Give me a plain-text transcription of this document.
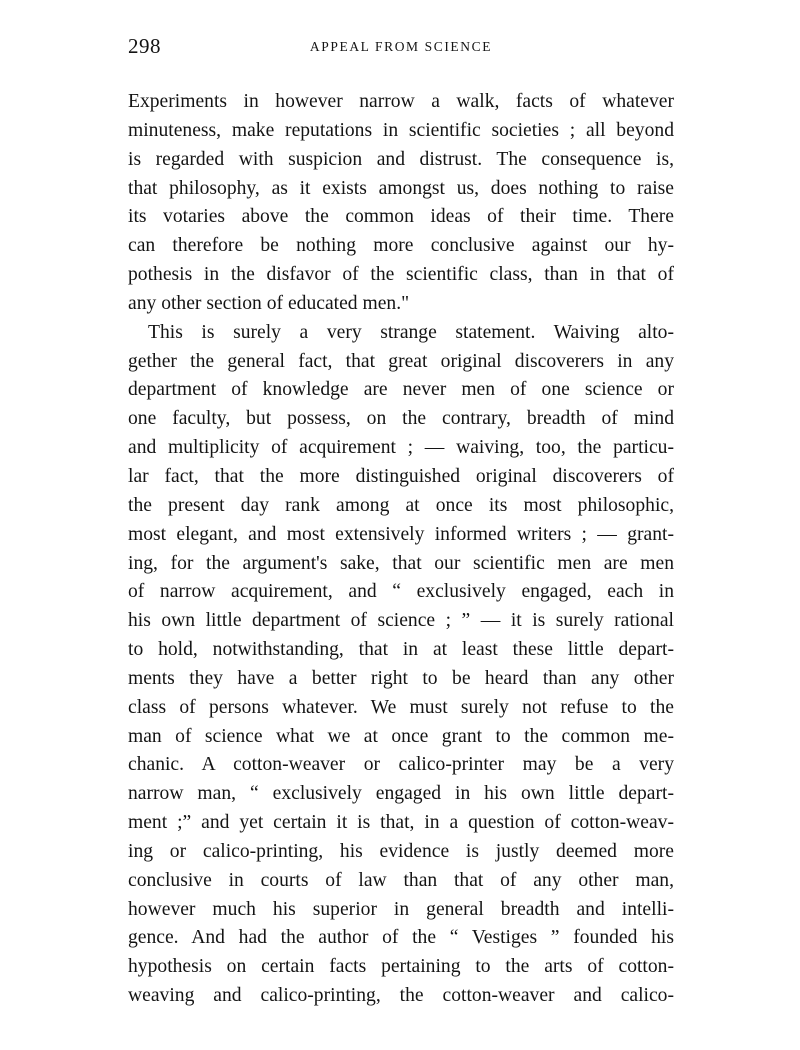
298	APPEAL FROM SCIENCE
Experiments in however narrow a walk, facts of whatever
minuteness, make reputations in scientific societies ; all beyond
is regarded with suspicion and distrust. The consequence is,
that philosophy, as it exists amongst us, does nothing to raise
its votaries above the common ideas of their time. There
can therefore be nothing more conclusive against our hy-
pothesis in the disfavor of the scientific class, than in that of
any other section of educated men."
This is surely a very strange statement. Waiving alto-
gether the general fact, that great original discoverers in any
department of knowledge are never men of one science or
one faculty, but possess, on the contrary, breadth of mind
and multiplicity of acquirement ; — waiving, too, the particu-
lar fact, that the more distinguished original discoverers of
the present day rank among at once its most philosophic,
most elegant, and most extensively informed writers ; — grant-
ing, for the argument's sake, that our scientific men are men
of narrow acquirement, and “ exclusively engaged, each in
his own little department of science ; ” — it is surely rational
to hold, notwithstanding, that in at least these little depart-
ments they have a better right to be heard than any other
class of persons whatever. We must surely not refuse to the
man of science what we at once grant to the common me-
chanic. A cotton-weaver or calico-printer may be a very
narrow man, “ exclusively engaged in his own little depart-
ment ;” and yet certain it is that, in a question of cotton-weav-
ing or calico-printing, his evidence is justly deemed more
conclusive in courts of law than that of any other man,
however much his superior in general breadth and intelli-
gence. And had the author of the “ Vestiges ” founded his
hypothesis on certain facts pertaining to the arts of cotton-
weaving and calico-printing, the cotton-weaver and calico-
